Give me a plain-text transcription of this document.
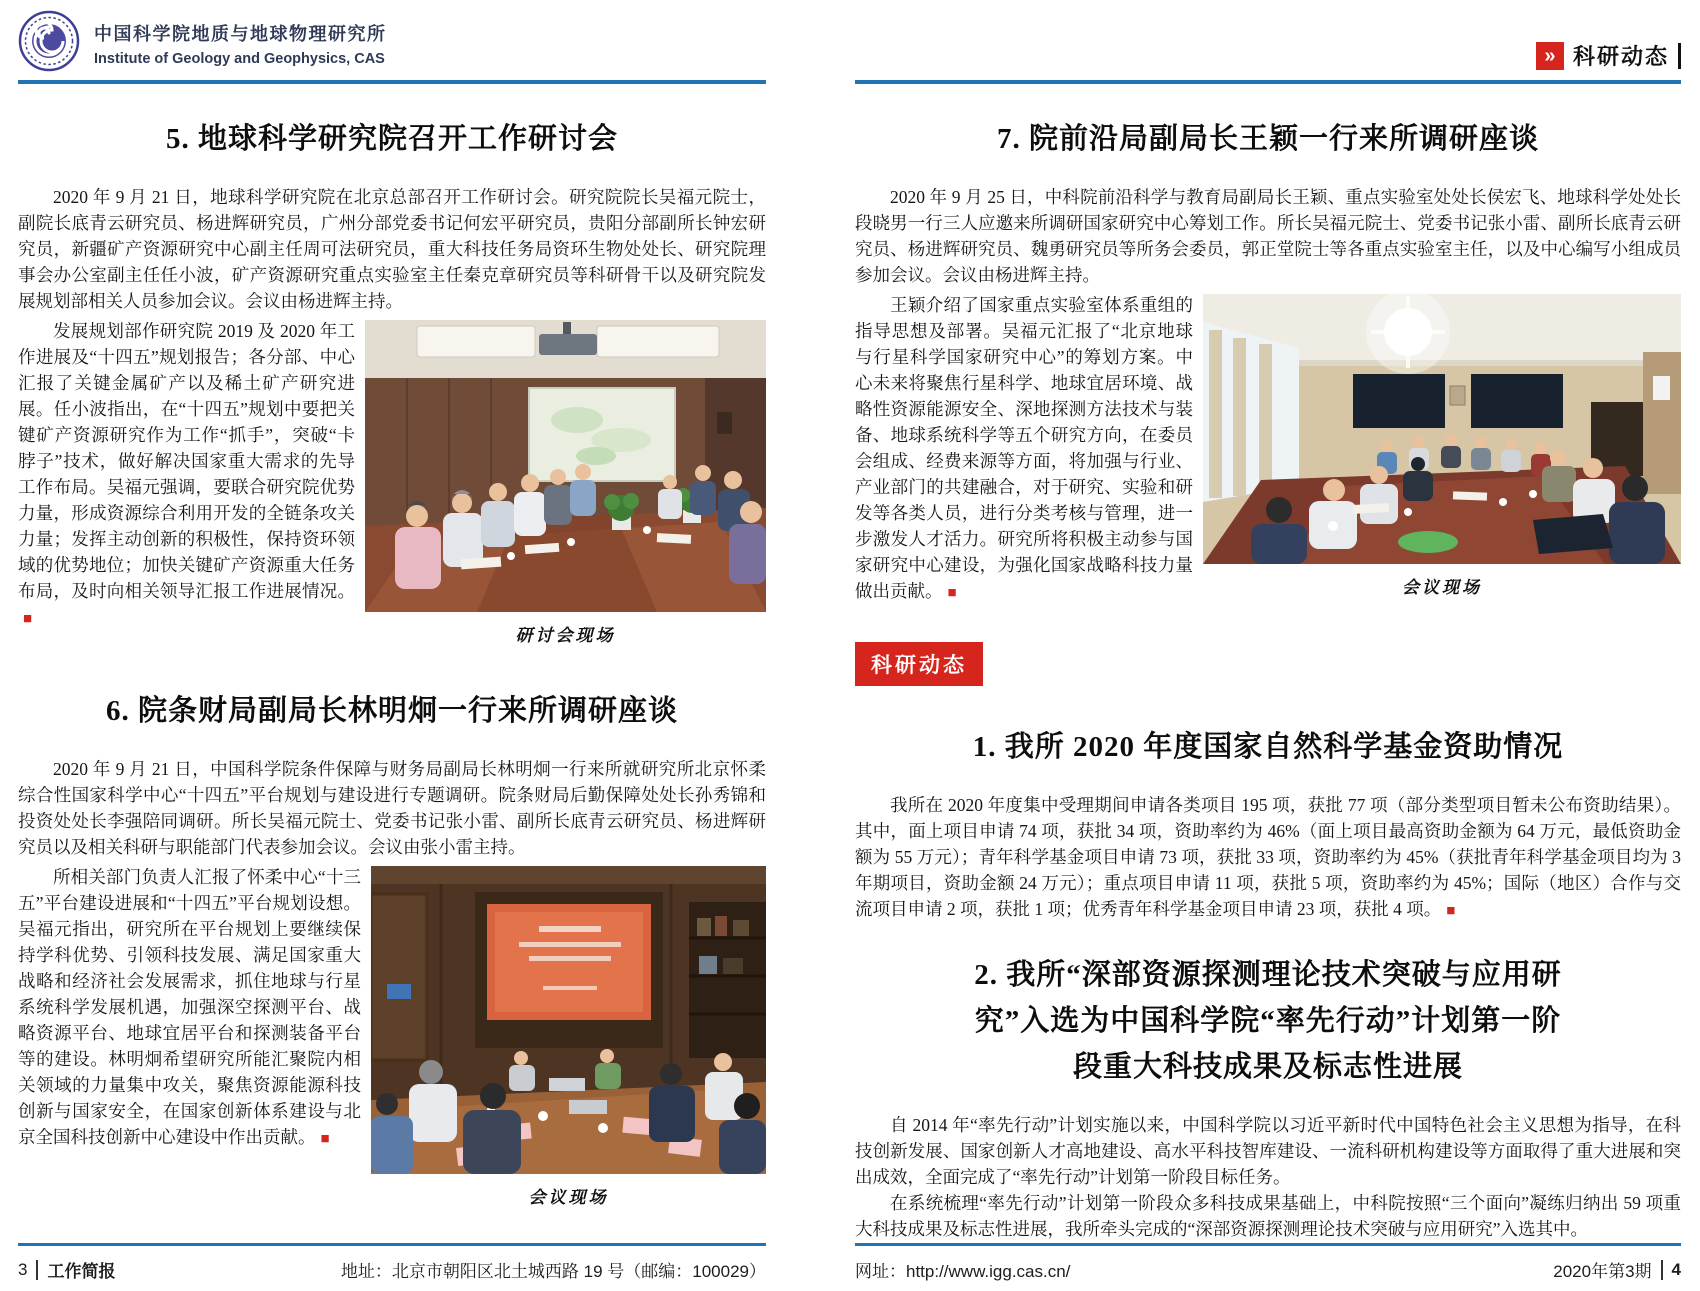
中国科学院地质与地球物理研究所
Institute of Geology and Geophysics, CAS
5. 地球科学研究院召开工作研讨会

2020 年 9 月 21 日，地球科学研究院在北京总部召开工作研讨会。研究院院长吴福元院士，副院长底青云研究员、杨进辉研究员，广州分部党委书记何宏平研究员，贵阳分部副所长钟宏研究员，新疆矿产资源研究中心副主任周可法研究员，重大科技任务局资环生物处处长、研究院理事会办公室副主任任小波，矿产资源研究重点实验室主任秦克章研究员等科研骨干以及研究院发展规划部相关人员参加会议。会议由杨进辉主持。

研讨会现场

发展规划部作研究院 2019 及 2020 年工作进展及“十四五”规划报告；各分部、中心汇报了关键金属矿产以及稀土矿产研究进展。任小波指出，在“十四五”规划中要把关键矿产资源研究作为工作“抓手”，突破“卡脖子”技术，做好解决国家重大需求的先导工作布局。吴福元强调，要联合研究院优势力量，形成资源综合利用开发的全链条攻关力量；发挥主动创新的积极性，保持资环领域的优势地位；加快关键矿产资源重大任务布局，及时向相关领导汇报工作进展情况。■

6. 院条财局副局长林明炯一行来所调研座谈

2020 年 9 月 21 日，中国科学院条件保障与财务局副局长林明炯一行来所就研究所北京怀柔综合性国家科学中心“十四五”平台规划与建设进行专题调研。院条财局后勤保障处处长孙秀锦和投资处处长李强陪同调研。所长吴福元院士、党委书记张小雷、副所长底青云研究员、杨进辉研究员以及相关科研与职能部门代表参加会议。会议由张小雷主持。

会议现场

所相关部门负责人汇报了怀柔中心“十三五”平台建设进展和“十四五”平台规划设想。吴福元指出，研究所在平台规划上要继续保持学科优势、引领科技发展、满足国家重大战略和经济社会发展需求，抓住地球与行星系统科学发展机遇，加强深空探测平台、战略资源平台、地球宜居平台和探测装备平台等的建设。林明炯希望研究所能汇聚院内相关领域的力量集中攻关，聚焦资源能源科技创新与国家安全，在国家创新体系建设与北京全国科技创新中心建设中作出贡献。 ■

3 工作简报	地址：北京市朝阳区北土城西路 19 号（邮编：100029）
» 科研动态
7. 院前沿局副局长王颖一行来所调研座谈

2020 年 9 月 25 日，中科院前沿科学与教育局副局长王颖、重点实验室处处长侯宏飞、地球科学处处长段晓男一行三人应邀来所调研国家研究中心筹划工作。所长吴福元院士、党委书记张小雷、副所长底青云研究员、杨进辉研究员、魏勇研究员等所务会委员，郭正堂院士等各重点实验室主任，以及中心编写小组成员参加会议。会议由杨进辉主持。

会议现场

王颖介绍了国家重点实验室体系重组的指导思想及部署。吴福元汇报了“北京地球与行星科学国家研究中心”的筹划方案。中心未来将聚焦行星科学、地球宜居环境、战略性资源能源安全、深地探测方法技术与装备、地球系统科学等五个研究方向，在委员会组成、经费来源等方面，将加强与行业、产业部门的共建融合，对于研究、实验和研发等各类人员，进行分类考核与管理，进一步激发人才活力。研究所将积极主动参与国家研究中心建设，为强化国家战略科技力量做出贡献。 ■

科研动态
1. 我所 2020 年度国家自然科学基金资助情况

我所在 2020 年度集中受理期间申请各类项目 195 项，获批 77 项（部分类型项目暂未公布资助结果）。其中，面上项目申请 74 项，获批 34 项，资助率约为 46%（面上项目最高资助金额为 64 万元，最低资助金额为 55 万元）；青年科学基金项目申请 73 项，获批 33 项，资助率约为 45%（获批青年科学基金项目均为 3 年期项目，资助金额 24 万元）；重点项目申请 11 项，获批 5 项，资助率约为 45%；国际（地区）合作与交流项目申请 2 项，获批 1 项；优秀青年科学基金项目申请 23 项，获批 4 项。 ■

2. 我所“深部资源探测理论技术突破与应用研
究”入选为中国科学院“率先行动”计划第一阶
段重大科技成果及标志性进展

自 2014 年“率先行动”计划实施以来，中国科学院以习近平新时代中国特色社会主义思想为指导，在科技创新发展、国家创新人才高地建设、高水平科技智库建设、一流科研机构建设等方面取得了重大进展和突出成效，全面完成了“率先行动”计划第一阶段目标任务。

在系统梳理“率先行动”计划第一阶段众多科技成果基础上，中科院按照“三个面向”凝练归纳出 59 项重大科技成果及标志性进展，我所牵头完成的“深部资源探测理论技术突破与应用研究”入选其中。

网址：http://www.igg.cas.cn/	2020年第3期 4
